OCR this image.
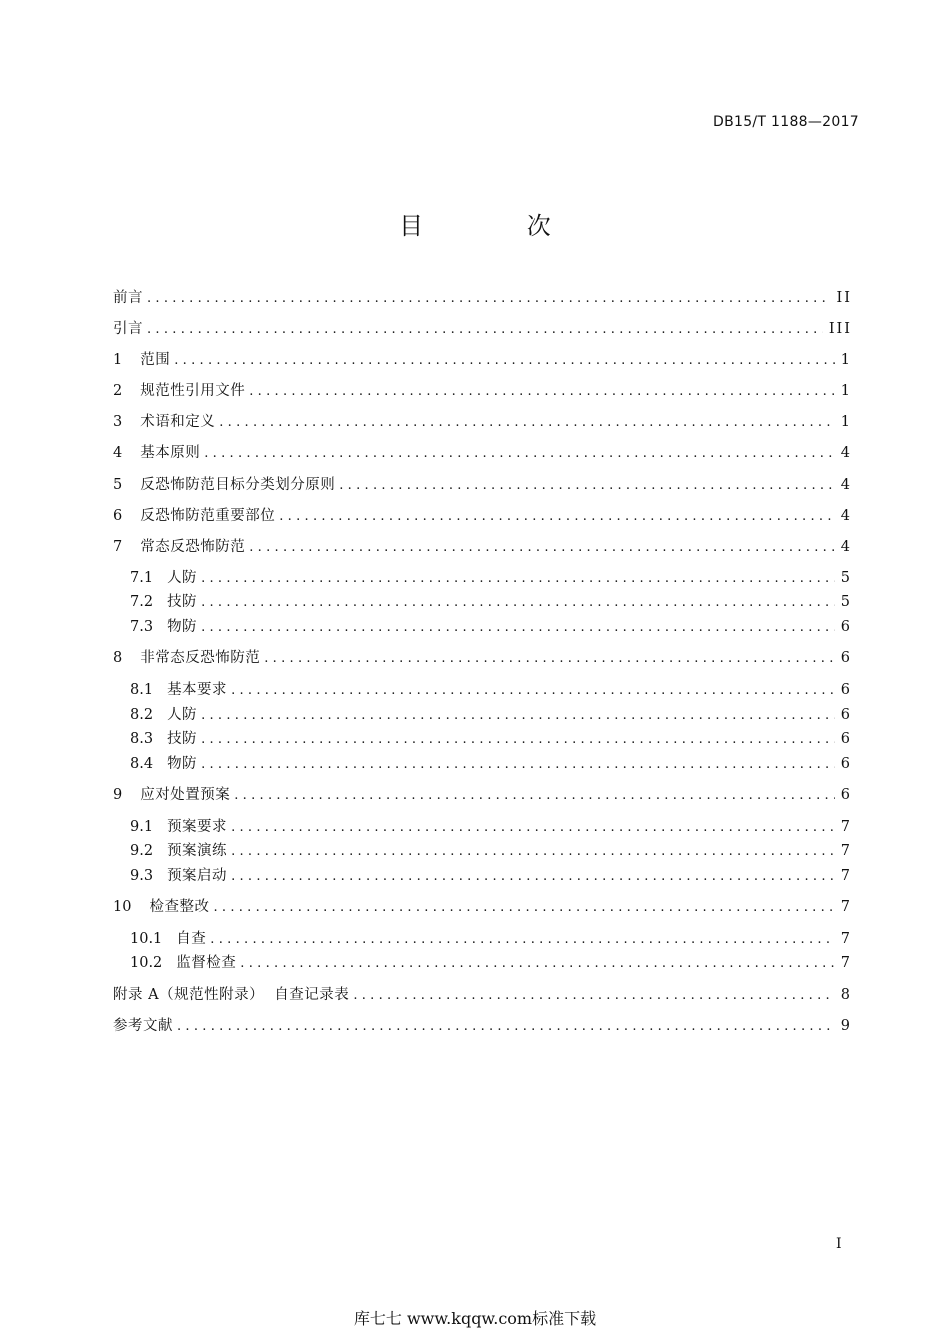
DB15/T 1188—2017
目 次
前言 .....	II
引言 .....	III
1 范围 .....	1
2 规范性引用文件 .....	1
3 术语和定义 .....	1
4 基本原则 .....	4
5 反恐怖防范目标分类划分原则 .....	4
6 反恐怖防范重要部位 .....	4
7 常态反恐怖防范 .....	4
7.1 人防 .....	5
7.2 技防 .....	5
7.3 物防 .....	6
8 非常态反恐怖防范 .....	6
8.1 基本要求 .....	6
8.2 人防 .....	6
8.3 技防 .....	6
8.4 物防 .....	6
9 应对处置预案 .....	6
9.1 预案要求 .....	7
9.2 预案演练 .....	7
9.3 预案启动 .....	7
10 检查整改 .....	7
10.1 自查 .....	7
10.2 监督检查 .....	7
附录 A（规范性附录）  自查记录表 .....	8
参考文献 .....	9
I
库七七 www.kqqw.com标准下载
